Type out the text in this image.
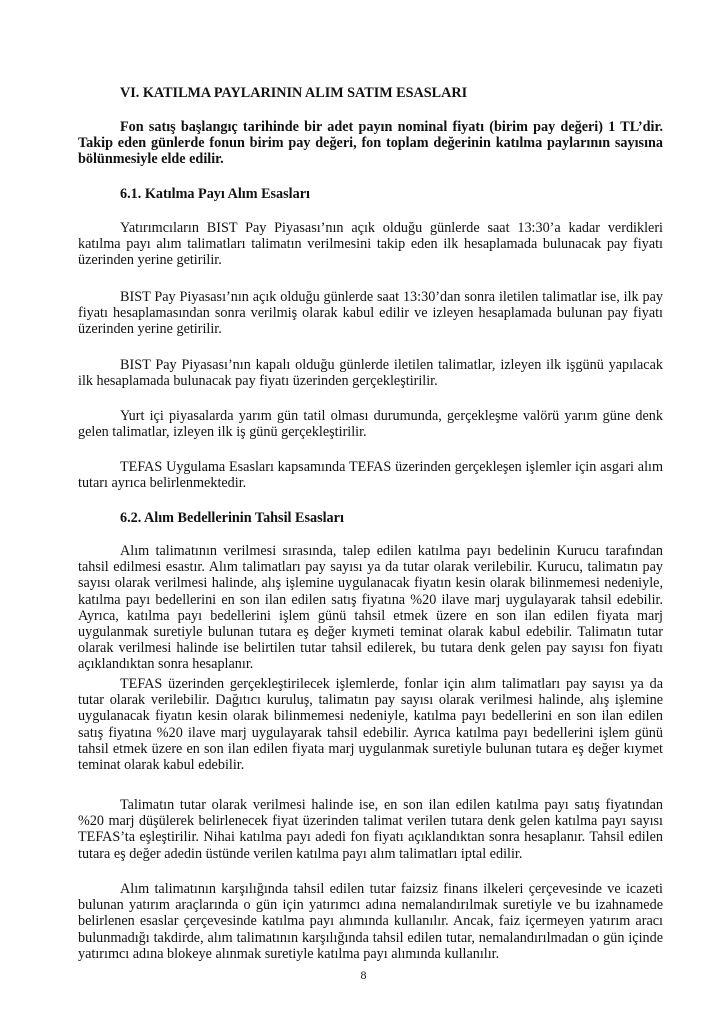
VI. KATILMA PAYLARININ ALIM SATIM ESASLARI

Fon satış başlangıç tarihinde bir adet payın nominal fiyatı (birim pay değeri) 1 TL’dir. Takip eden günlerde fonun birim pay değeri, fon toplam değerinin katılma paylarının sayısına bölünmesiyle elde edilir.

6.1. Katılma Payı Alım Esasları

Yatırımcıların BIST Pay Piyasası’nın açık olduğu günlerde saat 13:30’a kadar verdikleri katılma payı alım talimatları talimatın verilmesini takip eden ilk hesaplamada bulunacak pay fiyatı üzerinden yerine getirilir.

BIST Pay Piyasası’nın açık olduğu günlerde saat 13:30’dan sonra iletilen talimatlar ise, ilk pay fiyatı hesaplamasından sonra verilmiş olarak kabul edilir ve izleyen hesaplamada bulunan pay fiyatı üzerinden yerine getirilir.

BIST Pay Piyasası’nın kapalı olduğu günlerde iletilen talimatlar, izleyen ilk işgünü yapılacak ilk hesaplamada bulunacak pay fiyatı üzerinden gerçekleştirilir.

Yurt içi piyasalarda yarım gün tatil olması durumunda, gerçekleşme valörü yarım güne denk gelen talimatlar, izleyen ilk iş günü gerçekleştirilir.

TEFAS Uygulama Esasları kapsamında TEFAS üzerinden gerçekleşen işlemler için asgari alım tutarı ayrıca belirlenmektedir.

6.2. Alım Bedellerinin Tahsil Esasları

Alım talimatının verilmesi sırasında, talep edilen katılma payı bedelinin Kurucu tarafından tahsil edilmesi esastır. Alım talimatları pay sayısı ya da tutar olarak verilebilir. Kurucu, talimatın pay sayısı olarak verilmesi halinde, alış işlemine uygulanacak fiyatın kesin olarak bilinmemesi nedeniyle, katılma payı bedellerini en son ilan edilen satış fiyatına %20 ilave marj uygulayarak tahsil edebilir. Ayrıca, katılma payı bedellerini işlem günü tahsil etmek üzere en son ilan edilen fiyata marj uygulanmak suretiyle bulunan tutara eş değer kıymeti teminat olarak kabul edebilir. Talimatın tutar olarak verilmesi halinde ise belirtilen tutar tahsil edilerek, bu tutara denk gelen pay sayısı fon fiyatı açıklandıktan sonra hesaplanır.

TEFAS üzerinden gerçekleştirilecek işlemlerde, fonlar için alım talimatları pay sayısı ya da tutar olarak verilebilir. Dağıtıcı kuruluş, talimatın pay sayısı olarak verilmesi halinde, alış işlemine uygulanacak fiyatın kesin olarak bilinmemesi nedeniyle, katılma payı bedellerini en son ilan edilen satış fiyatına %20 ilave marj uygulayarak tahsil edebilir. Ayrıca katılma payı bedellerini işlem günü tahsil etmek üzere en son ilan edilen fiyata marj uygulanmak suretiyle bulunan tutara eş değer kıymet teminat olarak kabul edebilir.

Talimatın tutar olarak verilmesi halinde ise, en son ilan edilen katılma payı satış fiyatından %20 marj düşülerek belirlenecek fiyat üzerinden talimat verilen tutara denk gelen katılma payı sayısı TEFAS’ta eşleştirilir. Nihai katılma payı adedi fon fiyatı açıklandıktan sonra hesaplanır. Tahsil edilen tutara eş değer adedin üstünde verilen katılma payı alım talimatları iptal edilir.

Alım talimatının karşılığında tahsil edilen tutar faizsiz finans ilkeleri çerçevesinde ve icazeti bulunan yatırım araçlarında o gün için yatırımcı adına nemalandırılmak suretiyle ve bu izahnamede belirlenen esaslar çerçevesinde katılma payı alımında kullanılır. Ancak, faiz içermeyen yatırım aracı bulunmadığı takdirde, alım talimatının karşılığında tahsil edilen tutar, nemalandırılmadan o gün içinde yatırımcı adına blokeye alınmak suretiyle katılma payı alımında kullanılır.

8
